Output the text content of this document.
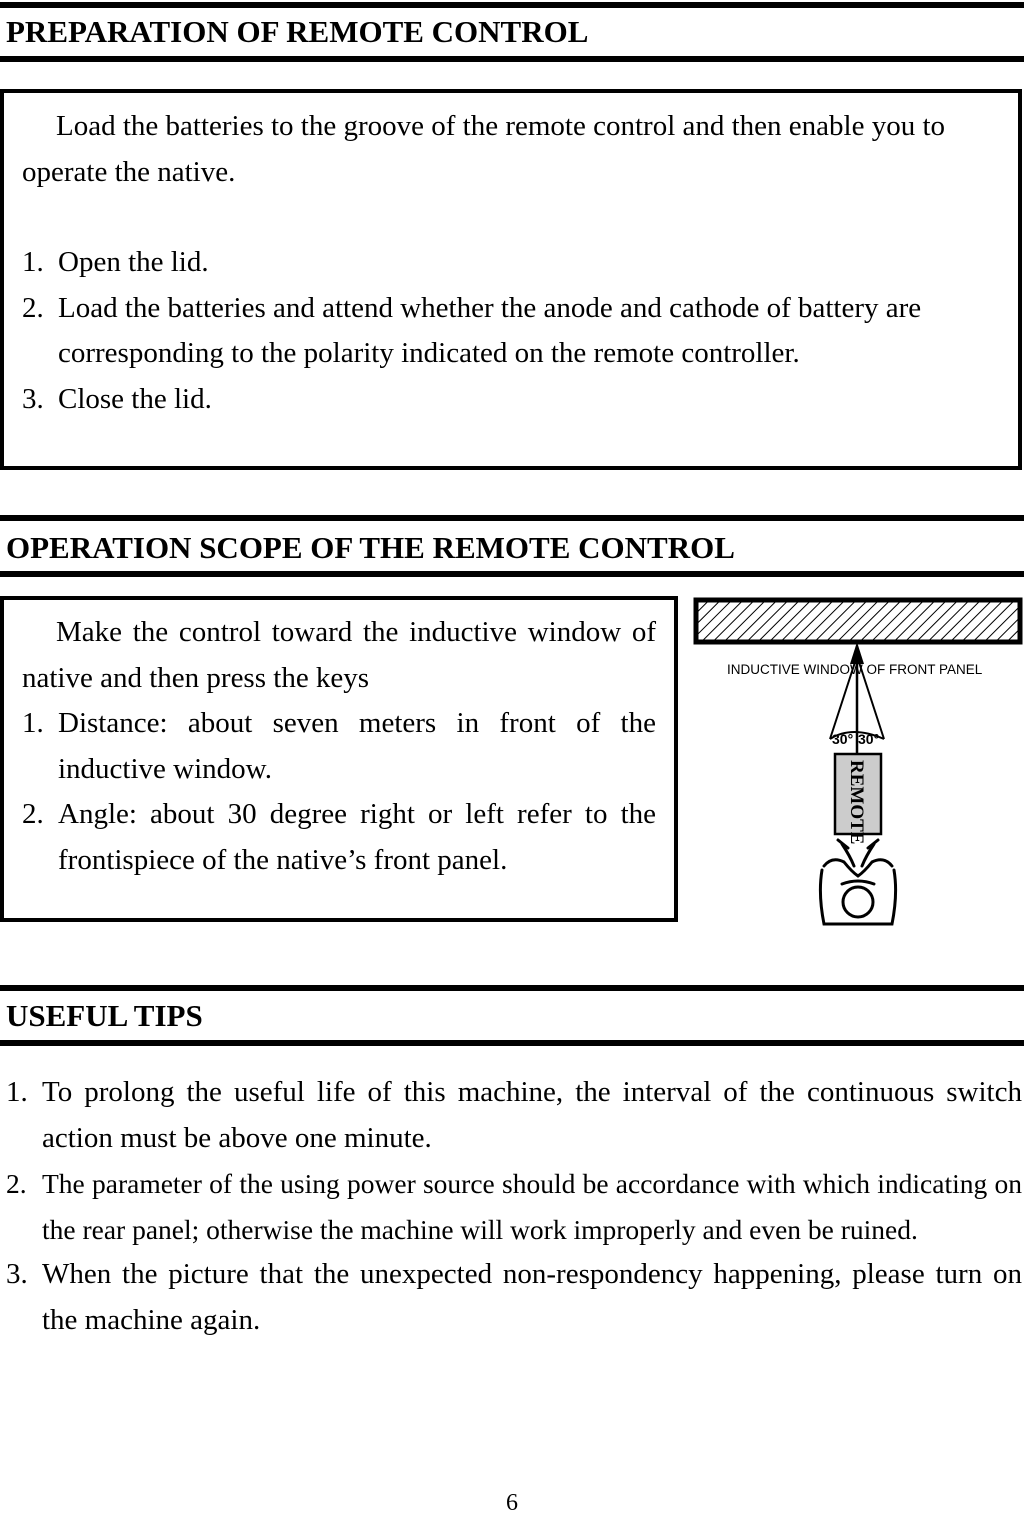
PREPARATION OF REMOTE CONTROL

Load the batteries to the groove of the remote control and then enable you to operate the native.

1. Open the lid.
2. Load the batteries and attend whether the anode and cathode of battery are corresponding to the polarity indicated on the remote controller.
3. Close the lid.
OPERATION SCOPE OF THE REMOTE CONTROL

Make the control toward the inductive window of native and then press the keys

1. Distance: about seven meters in front of the inductive window.
2. Angle: about 30 degree right or left refer to the frontispiece of the native’s front panel.
INDUCTIVE WINDOW OF FRONT PANEL
30° 30°
REMOTE
USEFUL TIPS
1. To prolong the useful life of this machine, the interval of the continuous switch action must be above one minute.
2. The parameter of the using power source should be accordance with which indicating on the rear panel; otherwise the machine will work improperly and even be ruined.
3. When the picture that the unexpected non-respondency happening, please turn on the machine again.
6
